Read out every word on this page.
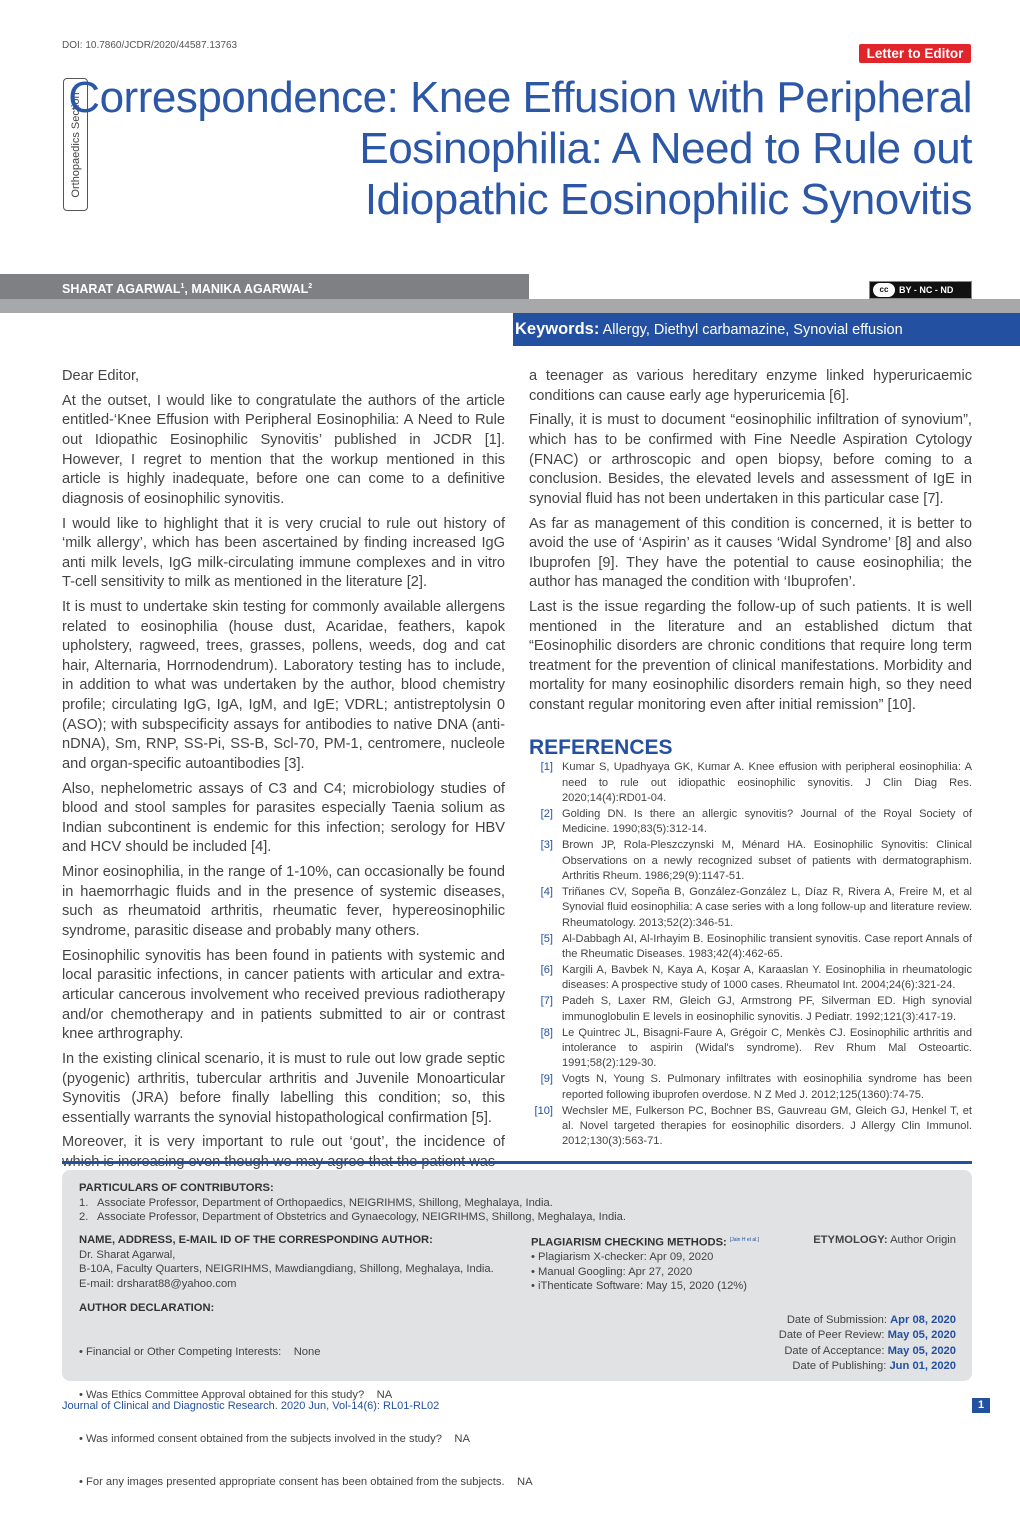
DOI: 10.7860/JCDR/2020/44587.13763
Letter to Editor
Orthopaedics Section
Correspondence: Knee Effusion with Peripheral
Eosinophilia: A Need to Rule out
Idiopathic Eosinophilic Synovitis
SHARAT AGARWAL$^1$, MANIKA AGARWAL$^2$	cc	BY - NC - ND
Keywords: Allergy, Diethyl carbamazine, Synovial effusion

Dear Editor,

At the outset, I would like to congratulate the authors of the article entitled-‘Knee Effusion with Peripheral Eosinophilia: A Need to Rule out Idiopathic Eosinophilic Synovitis’ published in JCDR [1]. However, I regret to mention that the workup mentioned in this article is highly inadequate, before one can come to a definitive diagnosis of eosinophilic synovitis.

I would like to highlight that it is very crucial to rule out history of ‘milk allergy’, which has been ascertained by finding increased IgG anti milk levels, IgG milk-circulating immune complexes and in vitro T-cell sensitivity to milk as mentioned in the literature [2].

It is must to undertake skin testing for commonly available allergens related to eosinophilia (house dust, Acaridae, feathers, kapok upholstery, ragweed, trees, grasses, pollens, weeds, dog and cat hair, Alternaria, Horrnodendrum). Laboratory testing has to include, in addition to what was undertaken by the author, blood chemistry profile; circulating IgG, IgA, IgM, and IgE; VDRL; antistreptolysin 0 (ASO); with subspecificity assays for antibodies to native DNA (anti-nDNA), Sm, RNP, SS-Pi, SS-B, Scl-70, PM-1, centromere, nucleole and organ-specific autoantibodies [3].

Also, nephelometric assays of C3 and C4; microbiology studies of blood and stool samples for parasites especially Taenia solium as Indian subcontinent is endemic for this infection; serology for HBV and HCV should be included [4].

Minor eosinophilia, in the range of 1-10%, can occasionally be found in haemorrhagic fluids and in the presence of systemic diseases, such as rheumatoid arthritis, rheumatic fever, hypereosinophilic syndrome, parasitic disease and probably many others.

Eosinophilic synovitis has been found in patients with systemic and local parasitic infections, in cancer patients with articular and extra-articular cancerous involvement who received previous radiotherapy and/or chemotherapy and in patients submitted to air or contrast knee arthrography.

In the existing clinical scenario, it is must to rule out low grade septic (pyogenic) arthritis, tubercular arthritis and Juvenile Monoarticular Synovitis (JRA) before finally labelling this condition; so, this essentially warrants the synovial histopathological confirmation [5].

Moreover, it is very important to rule out ‘gout’, the incidence of

a teenager as various hereditary enzyme linked hyperuricaemic conditions can cause early age hyperuricemia [6].

Finally, it is must to document “eosinophilic infiltration of synovium”, which has to be confirmed with Fine Needle Aspiration Cytology (FNAC) or arthroscopic and open biopsy, before coming to a conclusion. Besides, the elevated levels and assessment of IgE in synovial fluid has not been undertaken in this particular case [7].

As far as management of this condition is concerned, it is better to avoid the use of ‘Aspirin’ as it causes ‘Widal Syndrome’ [8] and also Ibuprofen [9]. They have the potential to cause eosinophilia; the author has managed the condition with ‘Ibuprofen’.

Last is the issue regarding the follow-up of such patients. It is well mentioned in the literature and an established dictum that “Eosinophilic disorders are chronic conditions that require long term treatment for the prevention of clinical manifestations. Morbidity and mortality for many eosinophilic disorders remain high, so they need constant regular monitoring even after initial remission” [10].

REFERENCES
[1] Kumar S, Upadhyaya GK, Kumar A. Knee effusion with peripheral eosinophilia: A need to rule out idiopathic eosinophilic synovitis. J Clin Diag Res. 2020;14(4):RD01-04.
[2] Golding DN. Is there an allergic synovitis? Journal of the Royal Society of Medicine. 1990;83(5):312-14.
[3] Brown JP, Rola-Pleszczynski M, Ménard HA. Eosinophilic Synovitis: Clinical Observations on a newly recognized subset of patients with dermatographism. Arthritis Rheum. 1986;29(9):1147-51.
[4] Triñanes CV, Sopeña B, González-González L, Díaz R, Rivera A, Freire M, et al Synovial fluid eosinophilia: A case series with a long follow-up and literature review. Rheumatology. 2013;52(2):346-51.
[5] Al-Dabbagh AI, Al-Irhayim B. Eosinophilic transient synovitis. Case report Annals of the Rheumatic Diseases. 1983;42(4):462-65.
[6] Kargili A, Bavbek N, Kaya A, Koşar A, Karaaslan Y. Eosinophilia in rheumatologic diseases: A prospective study of 1000 cases. Rheumatol Int. 2004;24(6):321-24.
[7] Padeh S, Laxer RM, Gleich GJ, Armstrong PF, Silverman ED. High synovial immunoglobulin E levels in eosinophilic synovitis. J Pediatr. 1992;121(3):417-19.
[8] Le Quintrec JL, Bisagni-Faure A, Grégoir C, Menkès CJ. Eosinophilic arthritis and intolerance to aspirin (Widal's syndrome). Rev Rhum Mal Osteoartic. 1991;58(2):129-30.
[9] Vogts N, Young S. Pulmonary infiltrates with eosinophilia syndrome has been reported following ibuprofen overdose. N Z Med J. 2012;125(1360):74-75.
[10] Wechsler ME, Fulkerson PC, Bochner BS, Gauvreau GM, Gleich GJ, Henkel T, et al. Novel targeted therapies for eosinophilic disorders. J Allergy Clin Immunol. 2012;130(3):563-71.
PARTICULARS OF CONTRIBUTORS:
1.   Associate Professor, Department of Orthopaedics, NEIGRIHMS, Shillong, Meghalaya, India.
2.   Associate Professor, Department of Obstetrics and Gynaecology, NEIGRIHMS, Shillong, Meghalaya, India.
NAME, ADDRESS, E-MAIL ID OF THE CORRESPONDING AUTHOR:
Dr. Sharat Agarwal,
B-10A, Faculty Quarters, NEIGRIHMS, Mawdiangdiang, Shillong, Meghalaya, India.
E-mail: drsharat88@yahoo.com
PLAGIARISM CHECKING METHODS: [Jain H et al.]
• Plagiarism X-checker: Apr 09, 2020
• Manual Googling: Apr 27, 2020
• iThenticate Software: May 15, 2020 (12%)
ETYMOLOGY: Author Origin
AUTHOR DECLARATION:

• Financial or Other Competing Interests:    None

• Was Ethics Committee Approval obtained for this study?    NA

• Was informed consent obtained from the subjects involved in the study?    NA

• For any images presented appropriate consent has been obtained from the subjects.    NA

Date of Submission: Apr 08, 2020
Date of Peer Review: May 05, 2020
Date of Acceptance: May 05, 2020
Date of Publishing: Jun 01, 2020
Journal of Clinical and Diagnostic Research. 2020 Jun, Vol-14(6): RL01-RL02	1
